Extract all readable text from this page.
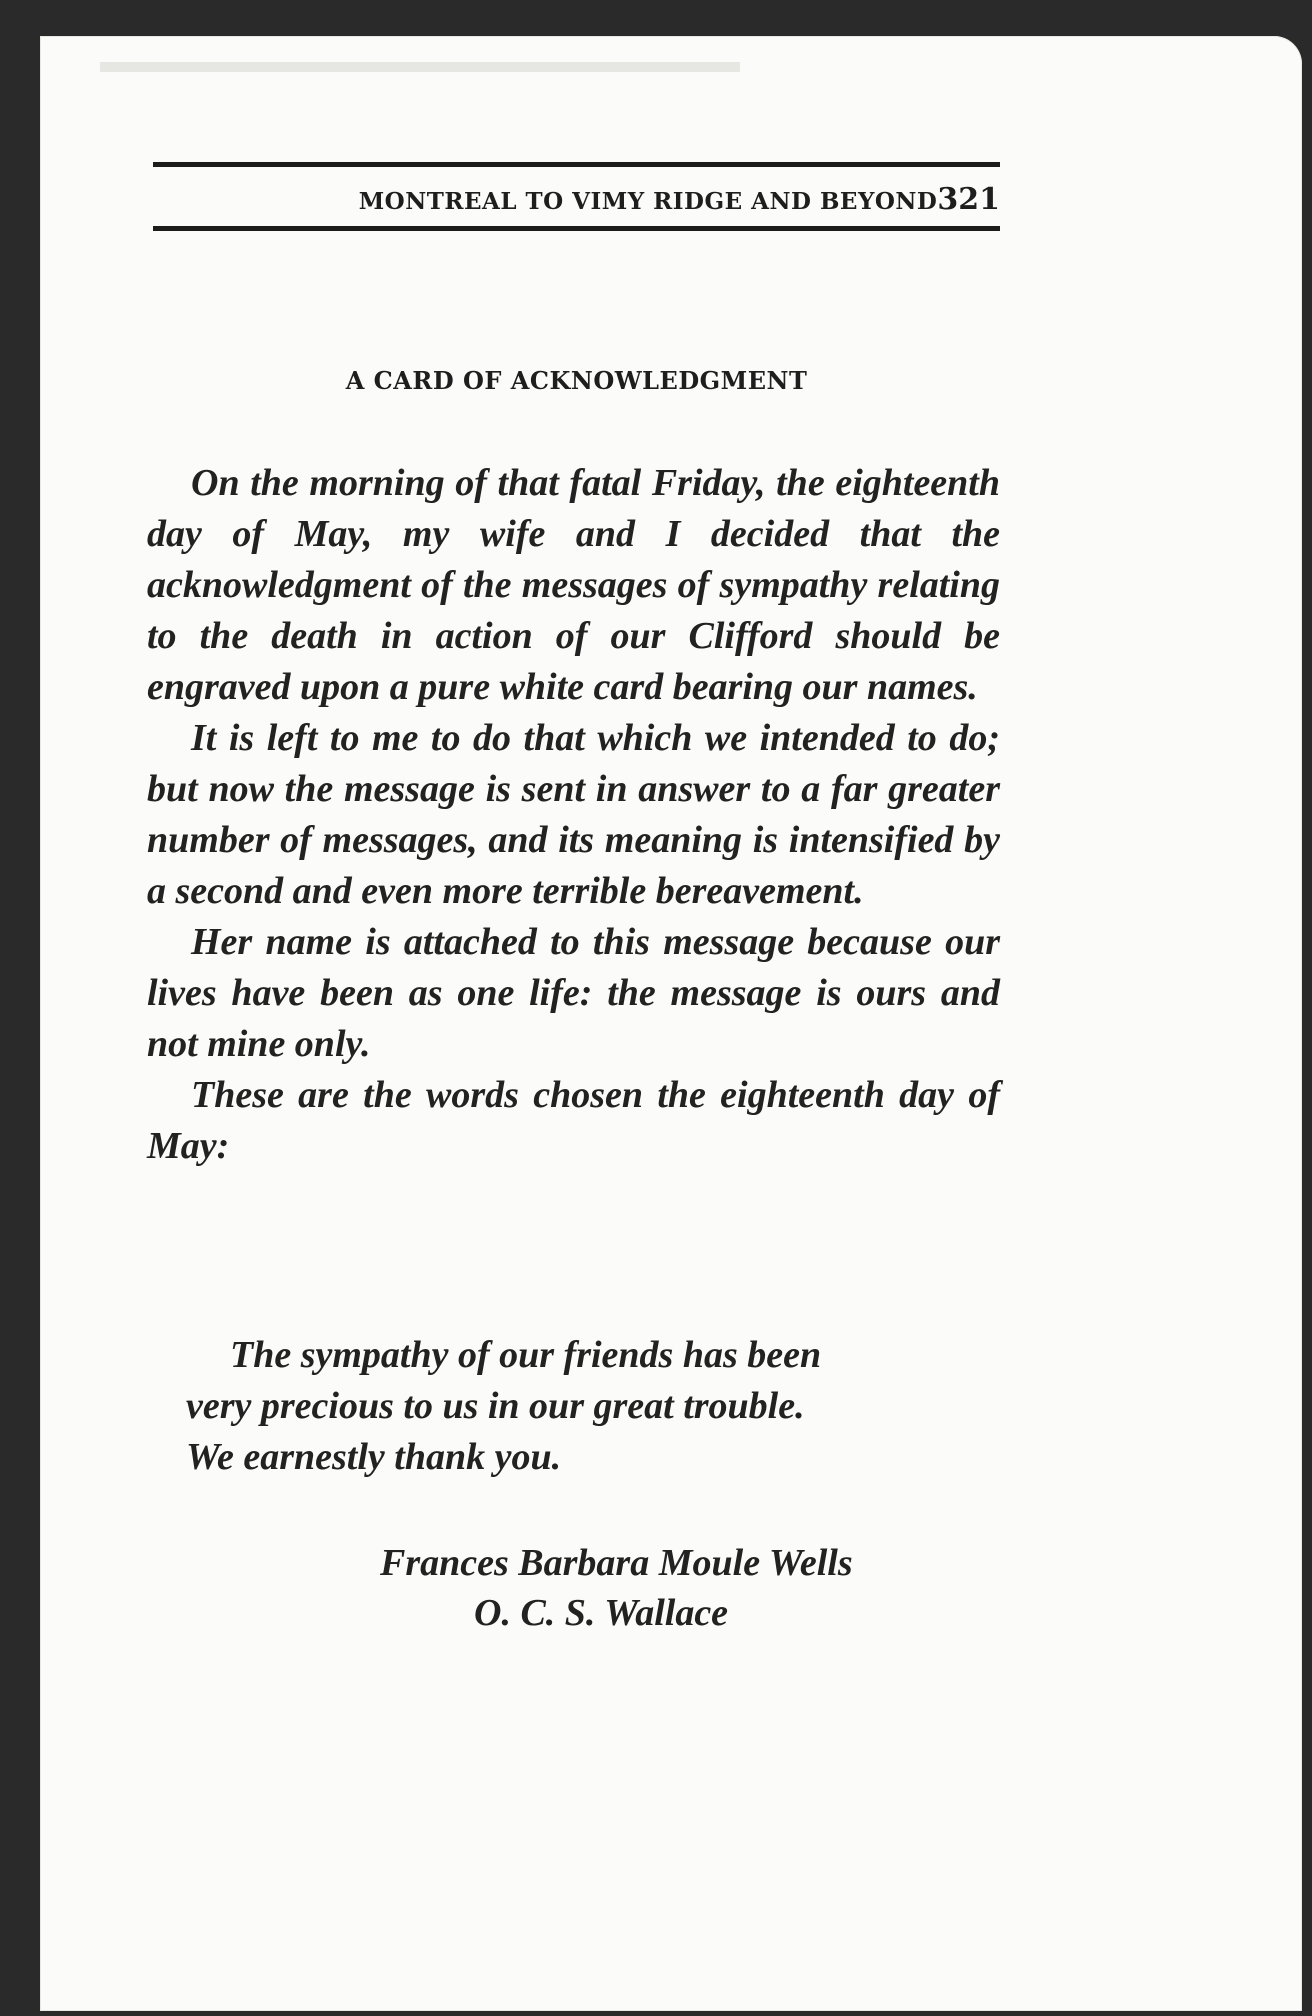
MONTREAL TO VIMY RIDGE AND BEYOND 321
A CARD OF ACKNOWLEDGMENT

On the morning of that fatal Friday, the eighteenth day of May, my wife and I decided that the acknowledgment of the messages of sympathy relating to the death in action of our Clifford should be engraved upon a pure white card bearing our names.

It is left to me to do that which we intended to do; but now the message is sent in answer to a far greater number of messages, and its meaning is intensified by a second and even more terrible bereavement.

Her name is attached to this message because our lives have been as one life: the message is ours and not mine only.

These are the words chosen the eighteenth day of May:

The sympathy of our friends has been
very precious to us in our great trouble.
We earnestly thank you.
Frances Barbara Moule Wells
O. C. S. Wallace
